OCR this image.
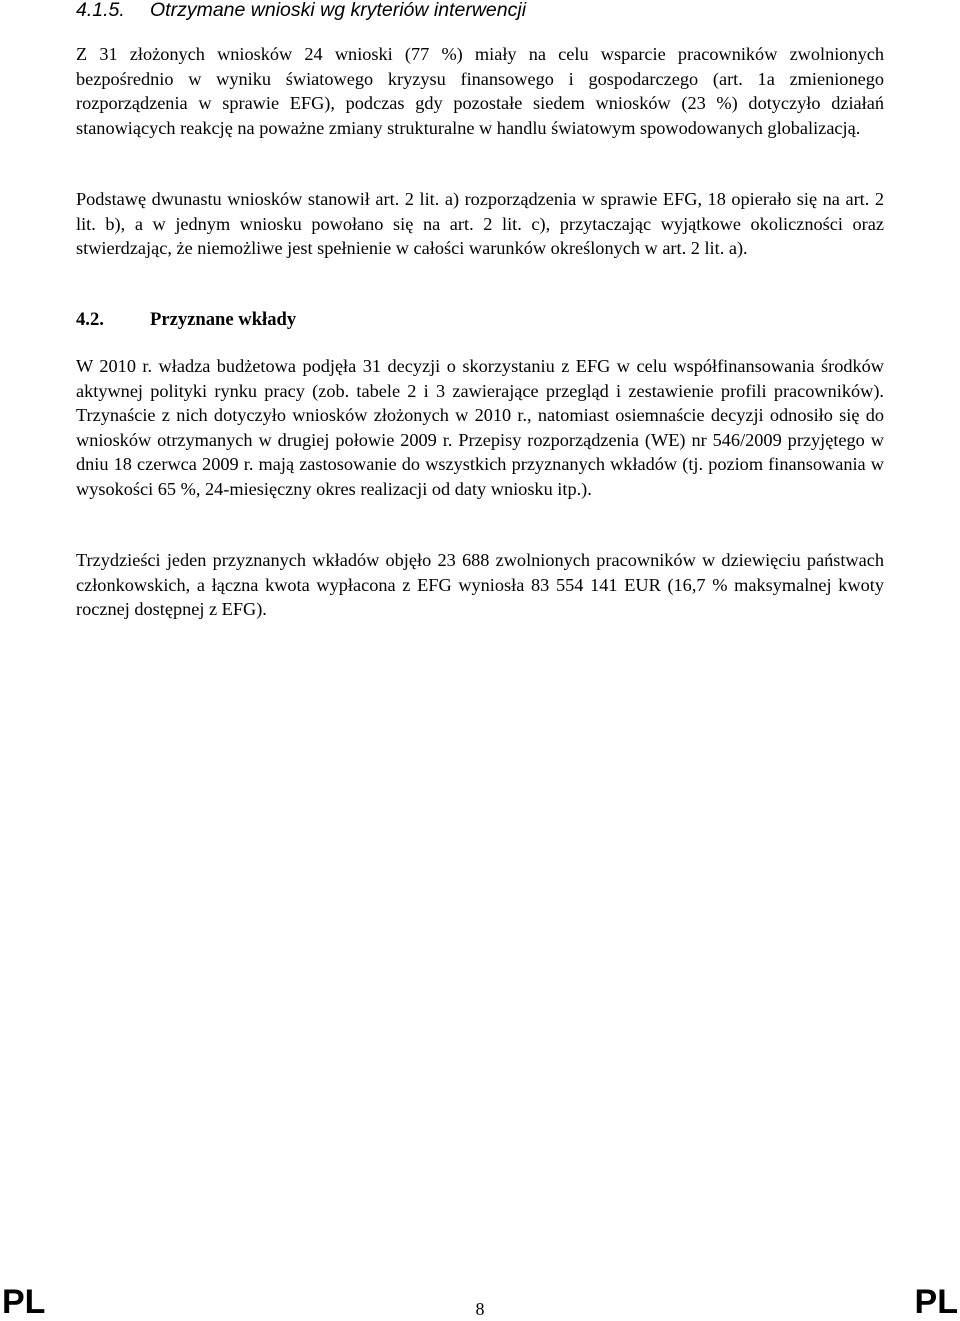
4.1.5. Otrzymane wnioski wg kryteriów interwencji

Z 31 złożonych wniosków 24 wnioski (77 %) miały na celu wsparcie pracowników zwolnionych bezpośrednio w wyniku światowego kryzysu finansowego i gospodarczego (art. 1a zmienionego rozporządzenia w sprawie EFG), podczas gdy pozostałe siedem wniosków (23 %) dotyczyło działań stanowiących reakcję na poważne zmiany strukturalne w handlu światowym spowodowanych globalizacją.

Podstawę dwunastu wniosków stanowił art. 2 lit. a) rozporządzenia w sprawie EFG, 18 opierało się na art. 2 lit. b), a w jednym wniosku powołano się na art. 2 lit. c), przytaczając wyjątkowe okoliczności oraz stwierdzając, że niemożliwe jest spełnienie w całości warunków określonych w art. 2 lit. a).

4.2. Przyznane wkłady

W 2010 r. władza budżetowa podjęła 31 decyzji o skorzystaniu z EFG w celu współfinansowania środków aktywnej polityki rynku pracy (zob. tabele 2 i 3 zawierające przegląd i zestawienie profili pracowników). Trzynaście z nich dotyczyło wniosków złożonych w 2010 r., natomiast osiemnaście decyzji odnosiło się do wniosków otrzymanych w drugiej połowie 2009 r. Przepisy rozporządzenia (WE) nr 546/2009 przyjętego w dniu 18 czerwca 2009 r. mają zastosowanie do wszystkich przyznanych wkładów (tj. poziom finansowania w wysokości 65 %, 24-miesięczny okres realizacji od daty wniosku itp.).

Trzydzieści jeden przyznanych wkładów objęło 23 688 zwolnionych pracowników w dziewięciu państwach członkowskich, a łączna kwota wypłacona z EFG wyniosła 83 554 141 EUR (16,7 % maksymalnej kwoty rocznej dostępnej z EFG).

PL	8	PL
